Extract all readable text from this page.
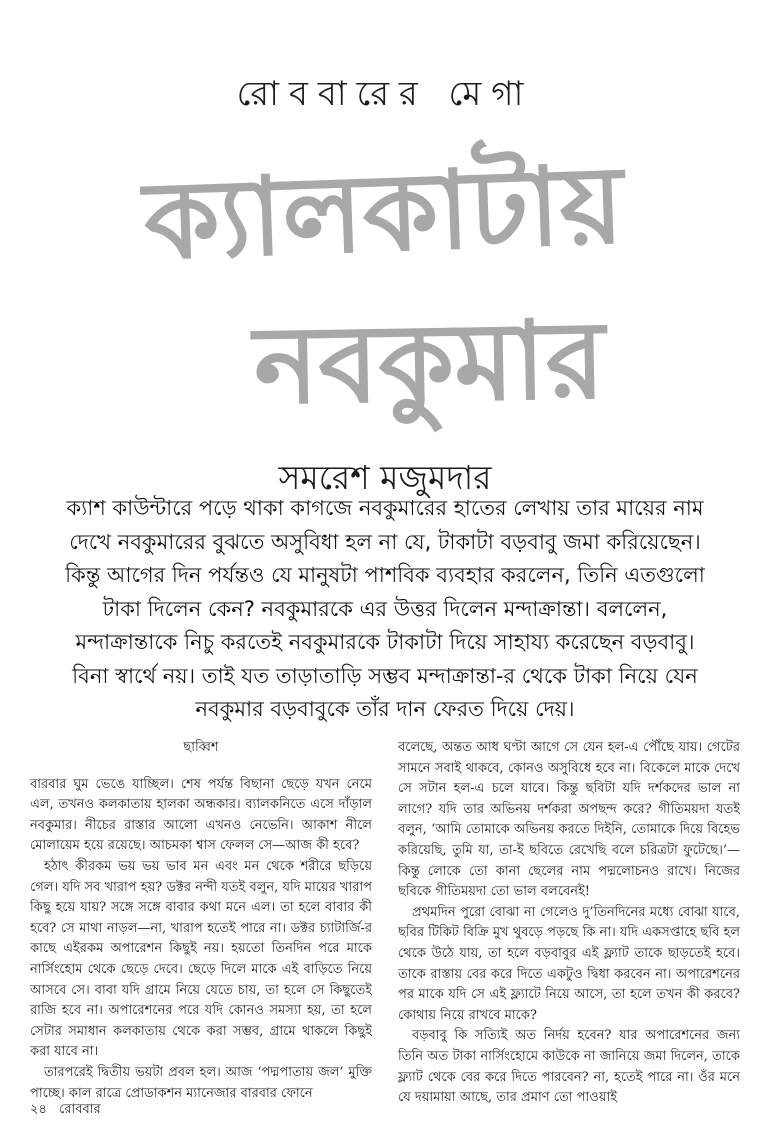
রোববারের মেগা
ক্যালকাটায়
নবকুমার
সমরেশ মজুমদার
ক্যাশ কাউন্টারে পড়ে থাকা কাগজে নবকুমারের হাতের লেখায় তার মায়ের নাম দেখে নবকুমারের বুঝতে অসুবিধা হল না যে, টাকাটা বড়বাবু জমা করিয়েছেন। কিন্তু আগের দিন পর্যন্তও যে মানুষটা পাশবিক ব্যবহার করলেন, তিনি এতগুলো টাকা দিলেন কেন? নবকুমারকে এর উত্তর দিলেন মন্দাক্রান্তা। বললেন, মন্দাক্রান্তাকে নিচু করতেই নবকুমারকে টাকাটা দিয়ে সাহায্য করেছেন বড়বাবু। বিনা স্বার্থে নয়। তাই যত তাড়াতাড়ি সম্ভব মন্দাক্রান্তা-র থেকে টাকা নিয়ে যেন নবকুমার বড়বাবুকে তাঁর দান ফেরত দিয়ে দেয়।
ছাব্বিশ

বারবার ঘুম ভেঙে যাচ্ছিল। শেষ পর্যন্ত বিছানা ছেড়ে যখন নেমে এল, তখনও কলকাতায় হালকা অন্ধকার। ব্যালকনিতে এসে দাঁড়াল নবকুমার। নীচের রাস্তার আলো এখনও নেভেনি। আকাশ নীলে মোলায়েম হয়ে রয়েছে। আচমকা শ্বাস ফেলল সে—আজ কী হবে?

হঠাৎ কীরকম ভয় ভয় ভাব মন এবং মন থেকে শরীরে ছড়িয়ে গেল। যদি সব খারাপ হয়? ডক্টর নন্দী যতই বলুন, যদি মায়ের খারাপ কিছু হয়ে যায়? সঙ্গে সঙ্গে বাবার কথা মনে এল। তা হলে বাবার কী হবে? সে মাথা নাড়ল—না, খারাপ হতেই পারে না। ডক্টর চ্যাটার্জি-র কাছে এইরকম অপারেশন কিছুই নয়। হয়তো তিনদিন পরে মাকে নার্সিংহোম থেকে ছেড়ে দেবে। ছেড়ে দিলে মাকে এই বাড়িতে নিয়ে আসবে সে। বাবা যদি গ্রামে নিয়ে যেতে চায়, তা হলে সে কিছুতেই রাজি হবে না। অপারেশনের পরে যদি কোনও সমস্যা হয়, তা হলে সেটার সমাধান কলকাতায় থেকে করা সম্ভব, গ্রামে থাকলে কিছুই করা যাবে না।

তারপরেই দ্বিতীয় ভয়টা প্রবল হল। আজ ‘পদ্মপাতায় জল’ মুক্তি পাচ্ছে। কাল রাত্রে প্রোডাকশন ম্যানেজার বারবার ফোনে

বলেছে, অন্তত আধ ঘণ্টা আগে সে যেন হল-এ পৌঁছে যায়। গেটের সামনে সবাই থাকবে, কোনও অসুবিধে হবে না। বিকেলে মাকে দেখে সে সটান হল-এ চলে যাবে। কিন্তু ছবিটা যদি দর্শকদের ভাল না লাগে? যদি তার অভিনয় দর্শকরা অপছন্দ করে? গীতিময়দা যতই বলুন, ‘আমি তোমাকে অভিনয় করতে দিইনি, তোমাকে দিয়ে বিহেভ করিয়েছি, তুমি যা, তা-ই ছবিতে রেখেছি বলে চরিত্রটা ফুটেছে।’—কিন্তু লোকে তো কানা ছেলের নাম পদ্মলোচনও রাখে। নিজের ছবিকে গীতিময়দা তো ভাল বলবেনই!

প্রথমদিন পুরো বোঝা না গেলেও দু’তিনদিনের মধ্যে বোঝা যাবে, ছবির টিকিট বিক্রি মুখ থুবড়ে পড়ছে কি না। যদি একসপ্তাহে ছবি হল থেকে উঠে যায়, তা হলে বড়বাবুর এই ফ্ল্যাট তাকে ছাড়তেই হবে। তাকে রাস্তায় বের করে দিতে একটুও দ্বিধা করবেন না। অপারেশনের পর মাকে যদি সে এই ফ্ল্যাটে নিয়ে আসে, তা হলে তখন কী করবে? কোথায় নিয়ে রাখবে মাকে?

বড়বাবু কি সত্যিই অত নির্দয় হবেন? যার অপারেশনের জন্য তিনি অত টাকা নার্সিংহোমে কাউকে না জানিয়ে জমা দিলেন, তাকে ফ্ল্যাট থেকে বের করে দিতে পারবেন? না, হতেই পারে না। ওঁর মনে যে দয়ামায়া আছে, তার প্রমাণ তো পাওয়াই

২৪ রোববার
